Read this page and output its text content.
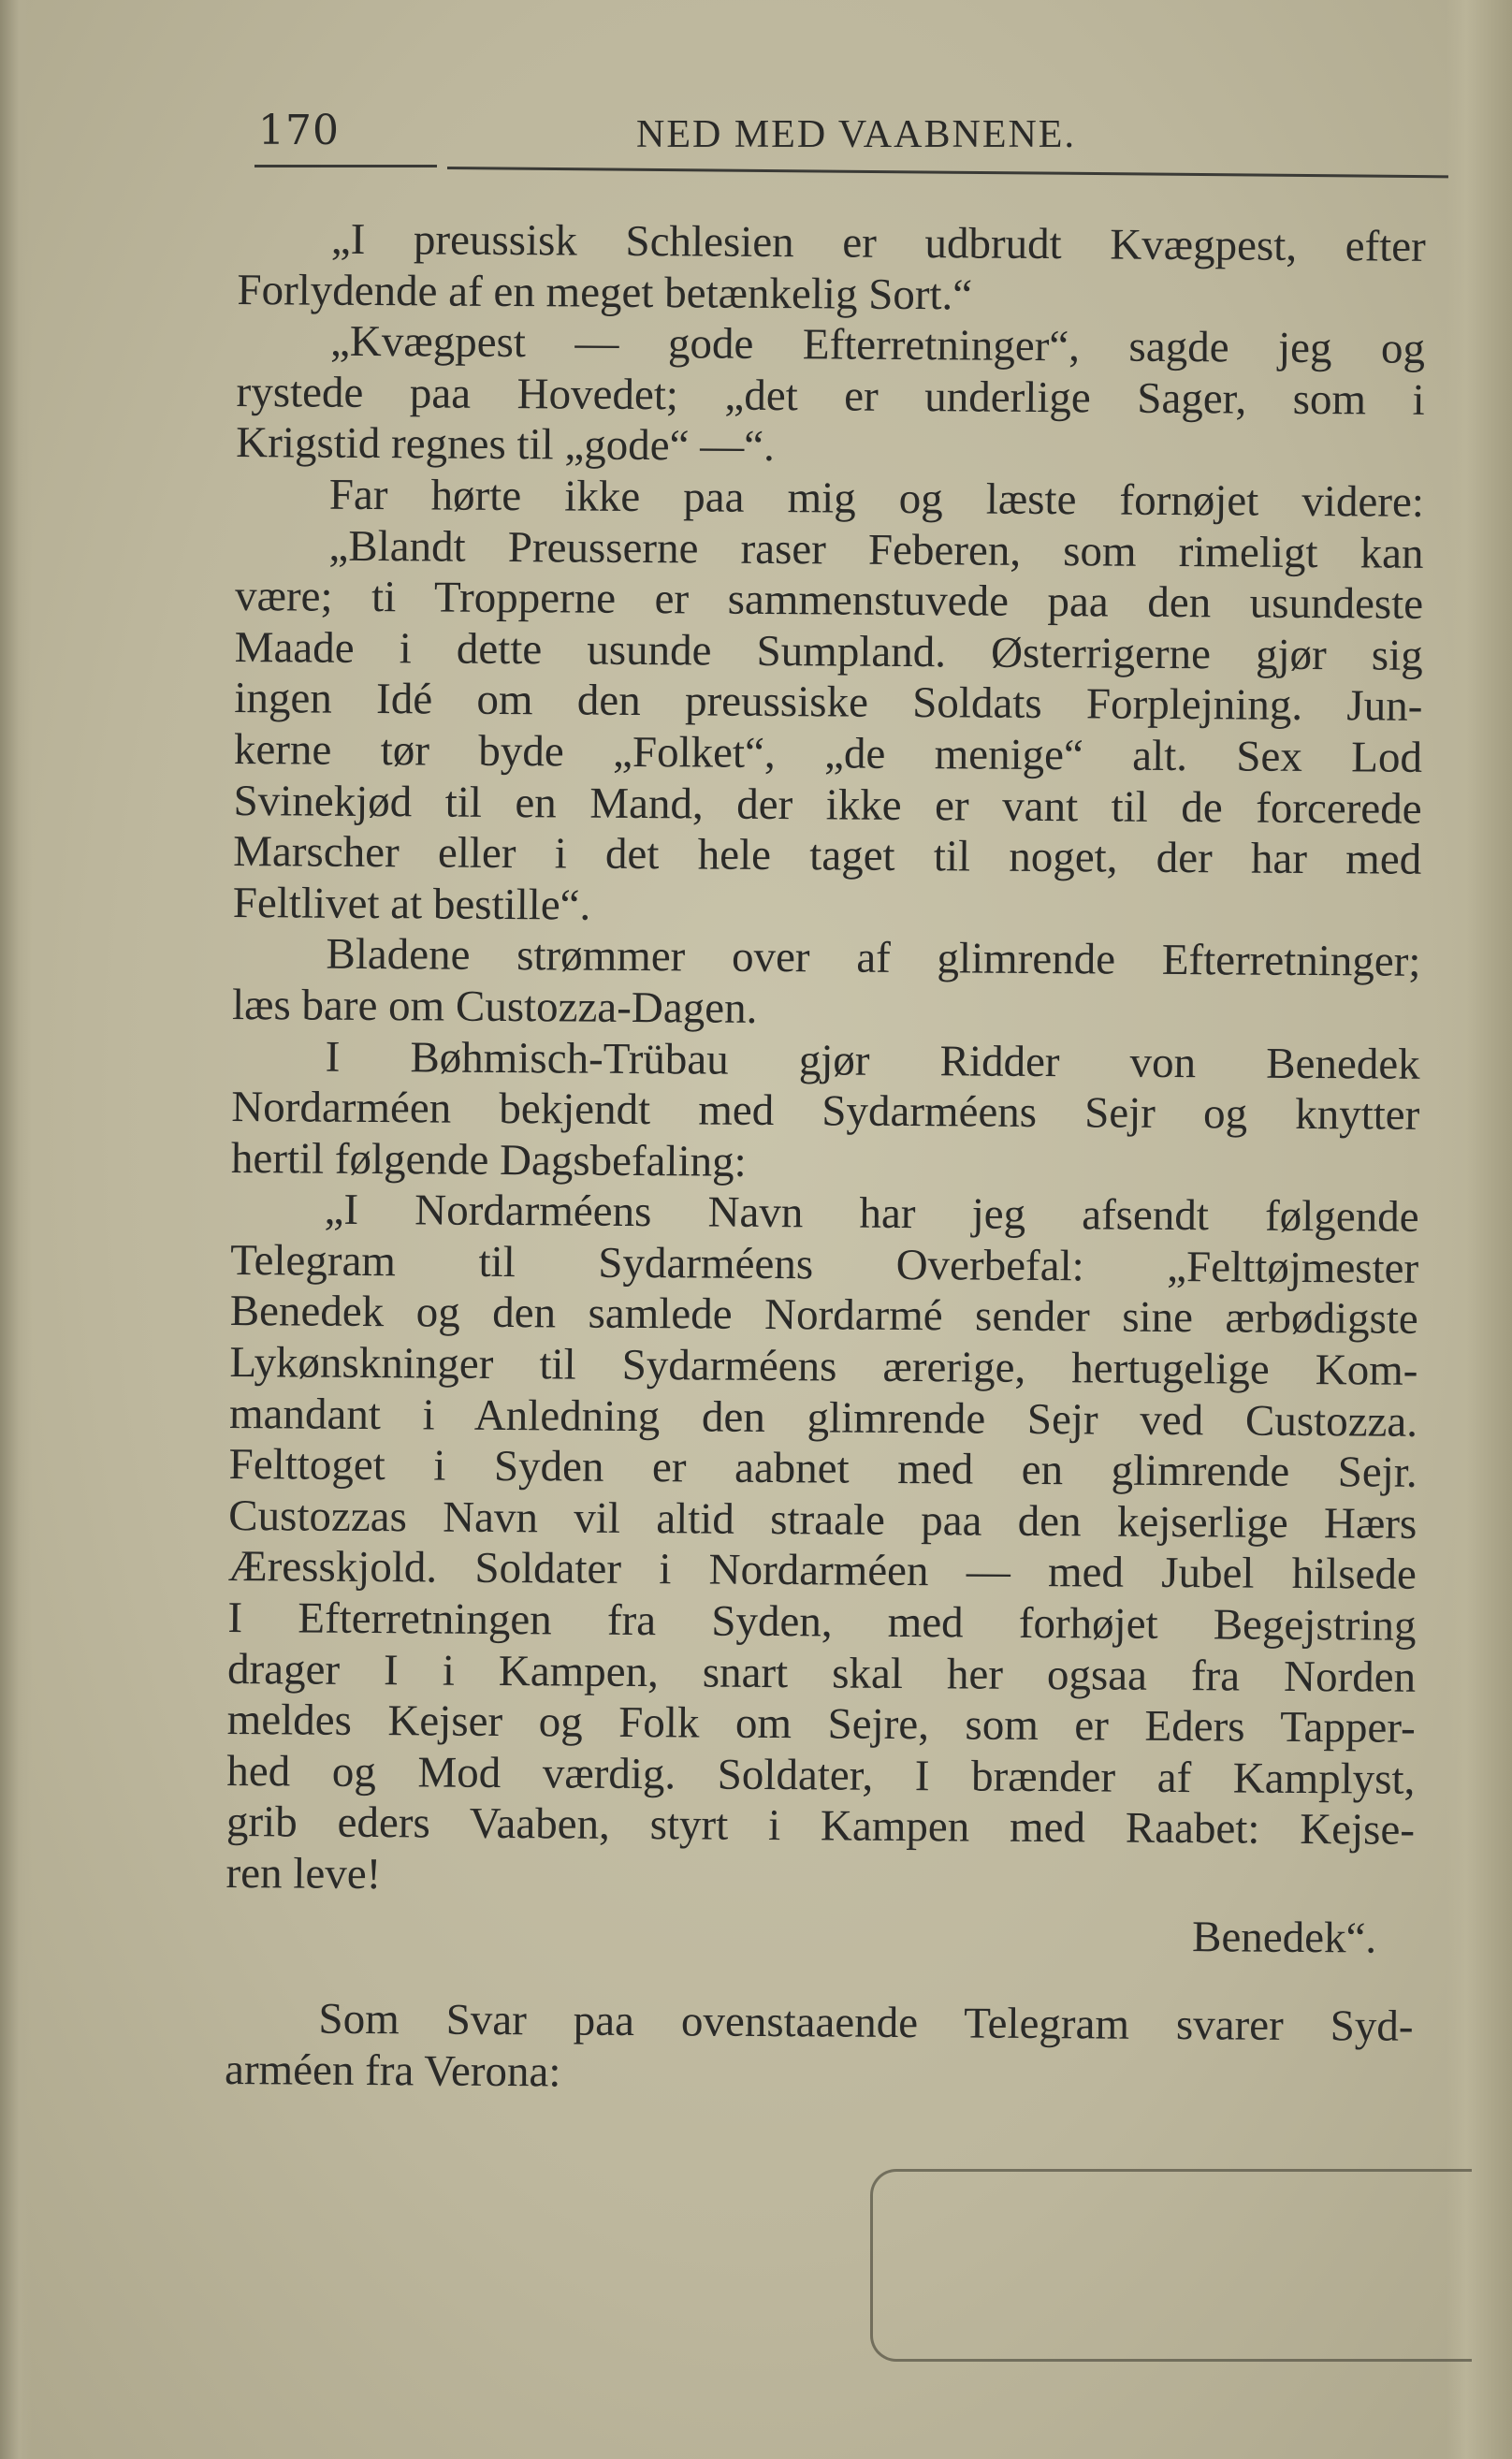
170	NED MED VAABNENE.
„I preussisk Schlesien er udbrudt Kvægpest, efter
Forlydende af en meget betænkelig Sort.“
„Kvægpest — gode Efterretninger“, sagde jeg og
rystede paa Hovedet; „det er underlige Sager, som i
Krigstid regnes til „gode“ —“.
Far hørte ikke paa mig og læste fornøjet videre:
„Blandt Preusserne raser Feberen, som rimeligt kan
være; ti Tropperne er sammenstuvede paa den usundeste
Maade i dette usunde Sumpland. Østerrigerne gjør sig
ingen Idé om den preussiske Soldats Forplejning. Jun-
kerne tør byde „Folket“, „de menige“ alt. Sex Lod
Svinekjød til en Mand, der ikke er vant til de forcerede
Marscher eller i det hele taget til noget, der har med
Feltlivet at bestille“.
Bladene strømmer over af glimrende Efterretninger;
læs bare om Custozza-Dagen.
I Bøhmisch-Trübau gjør Ridder von Benedek
Nordarméen bekjendt med Sydarméens Sejr og knytter
hertil følgende Dagsbefaling:
„I Nordarméens Navn har jeg afsendt følgende
Telegram til Sydarméens Overbefal: „Felttøjmester
Benedek og den samlede Nordarmé sender sine ærbødigste
Lykønskninger til Sydarméens ærerige, hertugelige Kom-
mandant i Anledning den glimrende Sejr ved Custozza.
Felttoget i Syden er aabnet med en glimrende Sejr.
Custozzas Navn vil altid straale paa den kejserlige Hærs
Æresskjold. Soldater i Nordarméen — med Jubel hilsede
I Efterretningen fra Syden, med forhøjet Begejstring
drager I i Kampen, snart skal her ogsaa fra Norden
meldes Kejser og Folk om Sejre, som er Eders Tapper-
hed og Mod værdig. Soldater, I brænder af Kamplyst,
grib eders Vaaben, styrt i Kampen med Raabet: Kejse-
ren leve!
Benedek“.
Som Svar paa ovenstaaende Telegram svarer Syd-
arméen fra Verona:
